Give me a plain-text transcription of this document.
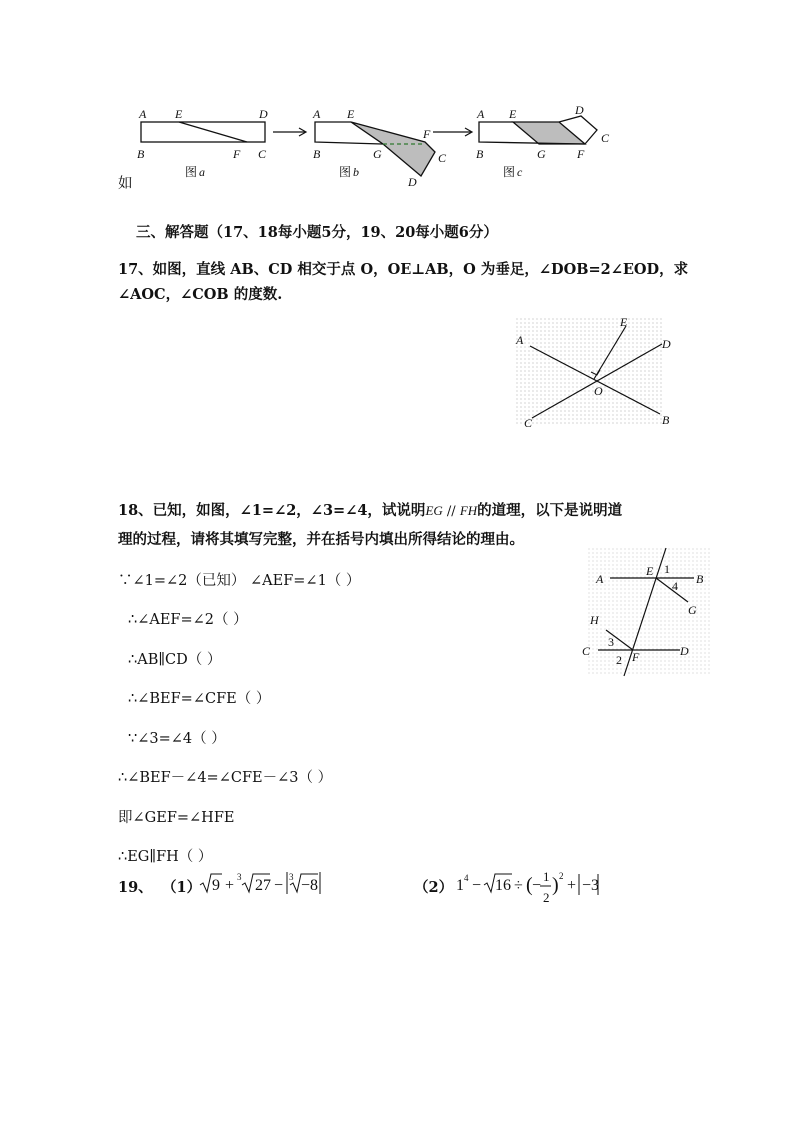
A E	D
B	F C
图 a
A E
F
B	G	C
D
图 b
A E	D
C
B	G	F
图 c
如
三、解答题（17、18每小题5分，19、20每小题6分）
17、如图，直线 AB、CD 相交于点 O，OE⊥AB，O 为垂足，∠DOB=2∠EOD，求
∠AOC，∠COB 的度数.
A
E
D
O
C	B
18、已知，如图，∠1=∠2，∠3=∠4，试说明EG // FH的道理，以下是说明道
理的过程，请将其填写完整，并在括号内填出所得结论的理由。
∵∠1=∠2（已知） ∠AEF=∠1（ ）
∴∠AEF=∠2（ ）
∴AB∥CD（ ）
∴∠BEF=∠CFE（ ）
∵∠3=∠4（ ）
∴∠BEF－∠4=∠CFE－∠3（ ）
即∠GEF=∠HFE
∴EG∥FH（ ）
A
E 1
4 B
G
H
3
C
2 F	D
19、 （1） 9 + 3 27 − 3 −8	（2） 1 4 − 16 ÷ ( −
1
2
) 2
+ −3
